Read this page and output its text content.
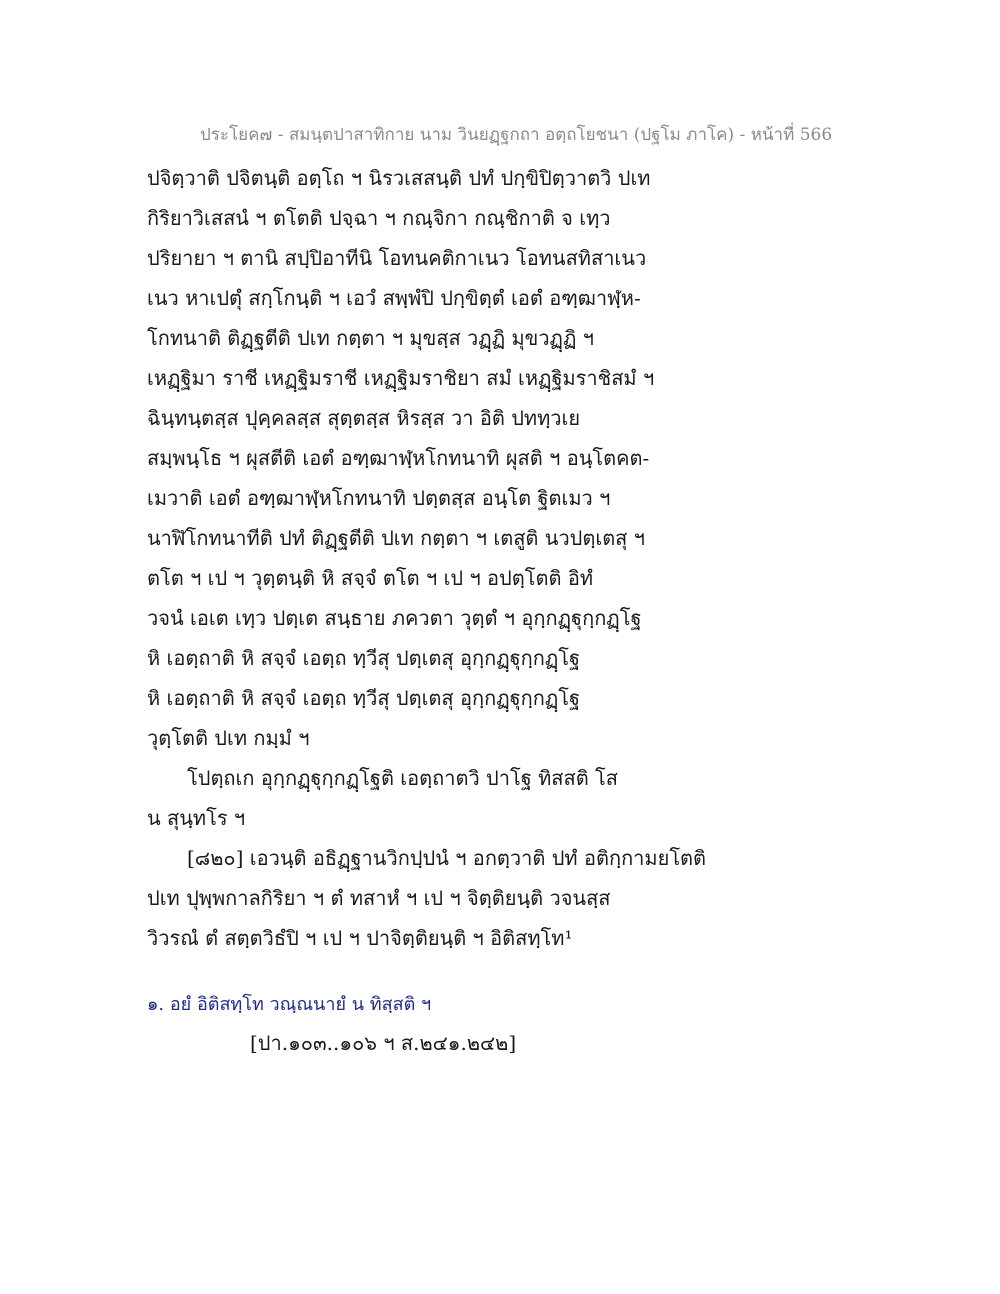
ประโยค๗ - สมนฺตปาสาทิกาย นาม วินยฏฺฐกถา อตฺถโยชนา (ปฐโม ภาโค) - หน้าที่ 566
ปจิตฺวาติ ปจิตนฺติ อตฺโถ ฯ นิรวเสสนฺติ ปทํ ปกฺขิปิตฺวาตวิ ปเท
กิริยาวิเสสนํ ฯ ตโตติ ปจฺฉา ฯ กณฺจิกา กณฺชิกาติ จ เทฺว
ปริยายา ฯ ตานิ สปฺปิอาทีนิ โอทนคติกาเนว โอทนสทิสาเนว
เนว หาเปตุํ สกฺโกนฺติ ฯ เอวํ สพฺพํปิ ปกฺขิตฺตํ เอตํ อฑฺฒาฬฺห-
โกทนาติ ติฏฺฐตีติ ปเท กตฺตา ฯ มุขสฺส วฏฺฏิ มุขวฏฺฏิ ฯ
เหฏฺฐิมา ราชี เหฏฺฐิมราชี เหฏฺฐิมราชิยา สมํ เหฏฺฐิมราชิสมํ ฯ
ฉินฺทนฺตสฺส ปุคฺคลสฺส สุตฺตสฺส หิรสฺส วา อิติ ปททฺวเย
สมฺพนฺโธ ฯ ผุสตีติ เอตํ อฑฺฒาฬฺหโกทนาทิ ผุสติ ฯ อนฺโตคต-
เมวาติ เอตํ อฑฺฒาฬฺหโกทนาทิ ปตฺตสฺส อนฺโต ฐิตเมว ฯ
นาฬิโกทนาทีติ ปทํ ติฏฺฐตีติ ปเท กตฺตา ฯ เตสูติ นวปตฺเตสุ ฯ
ตโต ฯ เป ฯ วุตฺตนฺติ หิ สจฺจํ ตโต ฯ เป ฯ อปตฺโตติ อิทํ
วจนํ เอเต เทฺว ปตฺเต สนฺธาย ภควตา วุตฺตํ ฯ อุกฺกฏฺฐุกฺกฏฺโฐ
หิ เอตฺถาติ หิ สจฺจํ เอตฺถ ทฺวีสุ ปตฺเตสุ อุกฺกฏฺฐุกฺกฏฺโฐ
หิ เอตฺถาติ หิ สจฺจํ เอตฺถ ทฺวีสุ ปตฺเตสุ อุกฺกฏฺฐุกฺกฏฺโฐ
วุตฺโตติ ปเท กมฺมํ ฯ
โปตฺถเก อุกฺกฏฺฐุกฺกฏฺโฐติ เอตฺถาตวิ ปาโฐ ทิสสติ โส
น สุนฺทโร ฯ
[๘๒๐] เอวนฺติ อธิฏฺฐานวิกปฺปนํ ฯ อกตฺวาติ ปทํ อติกฺกามยโตติ
ปเท ปุพฺพกาลกิริยา ฯ ตํ ทสาหํ ฯ เป ฯ จิตฺติยนฺติ วจนสฺส
วิวรณํ ตํ สตฺตวิธํปิ ฯ เป ฯ ปาจิตฺติยนฺติ ฯ อิติสทฺโท¹
๑. อยํ อิติสทฺโท วณฺณนายํ น ทิสฺสติ ฯ
[ปา.๑๐๓..๑๐๖ ฯ ส.๒๔๑.๒๔๒]
